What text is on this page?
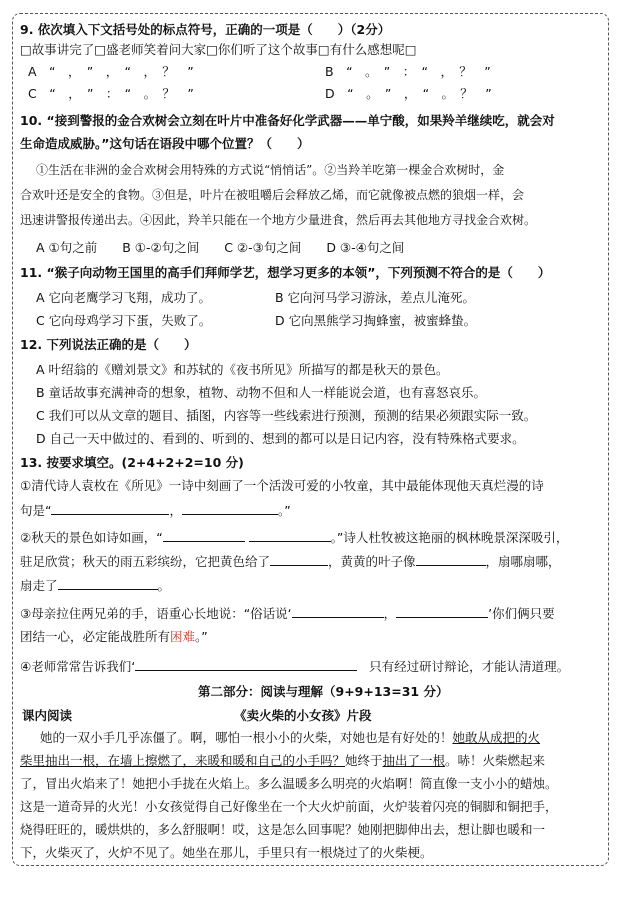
9. 依次填入下文括号处的标点符号，正确的一项是（　　）（2分）
□故事讲完了□盛老师笑着问大家□你们听了这个故事□有什么感想呢□
A　“　，　”　，　“　，　？　”	B　“　。　”　：　“　，　？　”
C　“　，　”　：　“　。　？　”	D　“　。　”　，　“　。　？　”
10. “接到警报的金合欢树会立刻在叶片中准备好化学武器——单宁酸，如果羚羊继续吃，就会对
生命造成威胁。”这句话在语段中哪个位置？（　　）
①生活在非洲的金合欢树会用特殊的方式说“悄悄话”。②当羚羊吃第一棵金合欢树时，金
合欢叶还是安全的食物。③但是，叶片在被咀嚼后会释放乙烯，而它就像被点燃的狼烟一样，会
迅速讲警报传递出去。④因此，羚羊只能在一个地方少量进食，然后再去其他地方寻找金合欢树。
A ①句之前　　B ①-②句之间　　C ②-③句之间　　D ③-④句之间
11. “猴子向动物王国里的高手们拜师学艺，想学习更多的本领”，下列预测不符合的是（　　）
A 它向老鹰学习飞翔，成功了。	B 它向河马学习游泳，差点儿淹死。
C 它向母鸡学习下蛋，失败了。	D 它向黑熊学习掏蜂蜜，被蜜蜂蛰。
12. 下列说法正确的是（　　）
A 叶绍翁的《赠刘景文》和苏轼的《夜书所见》所描写的都是秋天的景色。
B 童话故事充满神奇的想象，植物、动物不但和人一样能说会道，也有喜怒哀乐。
C 我们可以从文章的题目、插图，内容等一些线索进行预测，预测的结果必须跟实际一致。
D 自己一天中做过的、看到的、听到的、想到的都可以是日记内容，没有特殊格式要求。
13. 按要求填空。(2+4+2+2=10 分)
①清代诗人袁枚在《所见》一诗中刻画了一个活泼可爱的小牧童，其中最能体现他天真烂漫的诗
句是“	，	。”
②秋天的景色如诗如画，“	。”诗人杜牧被这艳丽的枫林晚景深深吸引，
驻足欣赏；秋天的雨五彩缤纷，它把黄色给了	，黄黄的叶子像	，扇哪扇哪，
扇走了	。
③母亲拉住两兄弟的手，语重心长地说：“俗话说‘	，	’你们俩只要
团结一心，必定能战胜所有困难。”
④老师常常告诉我们‘	只有经过研讨辩论，才能认清道理。
第二部分：阅读与理解（9+9+13=31 分）
课内阅读	《卖火柴的小女孩》片段
她的一双小手几乎冻僵了。啊，哪怕一根小小的火柴，对她也是有好处的！她敢从成把的火
柴里抽出一根，在墙上擦燃了，来暖和暖和自己的小手吗？她终于抽出了一根。哧！火柴燃起来
了，冒出火焰来了！她把小手拢在火焰上。多么温暖多么明亮的火焰啊！简直像一支小小的蜡烛。
这是一道奇异的火光！小女孩觉得自己好像坐在一个大火炉前面，火炉装着闪亮的铜脚和铜把手，
烧得旺旺的，暖烘烘的，多么舒服啊！哎，这是怎么回事呢？她刚把脚伸出去，想让脚也暖和一
下，火柴灭了，火炉不见了。她坐在那儿，手里只有一根烧过了的火柴梗。
